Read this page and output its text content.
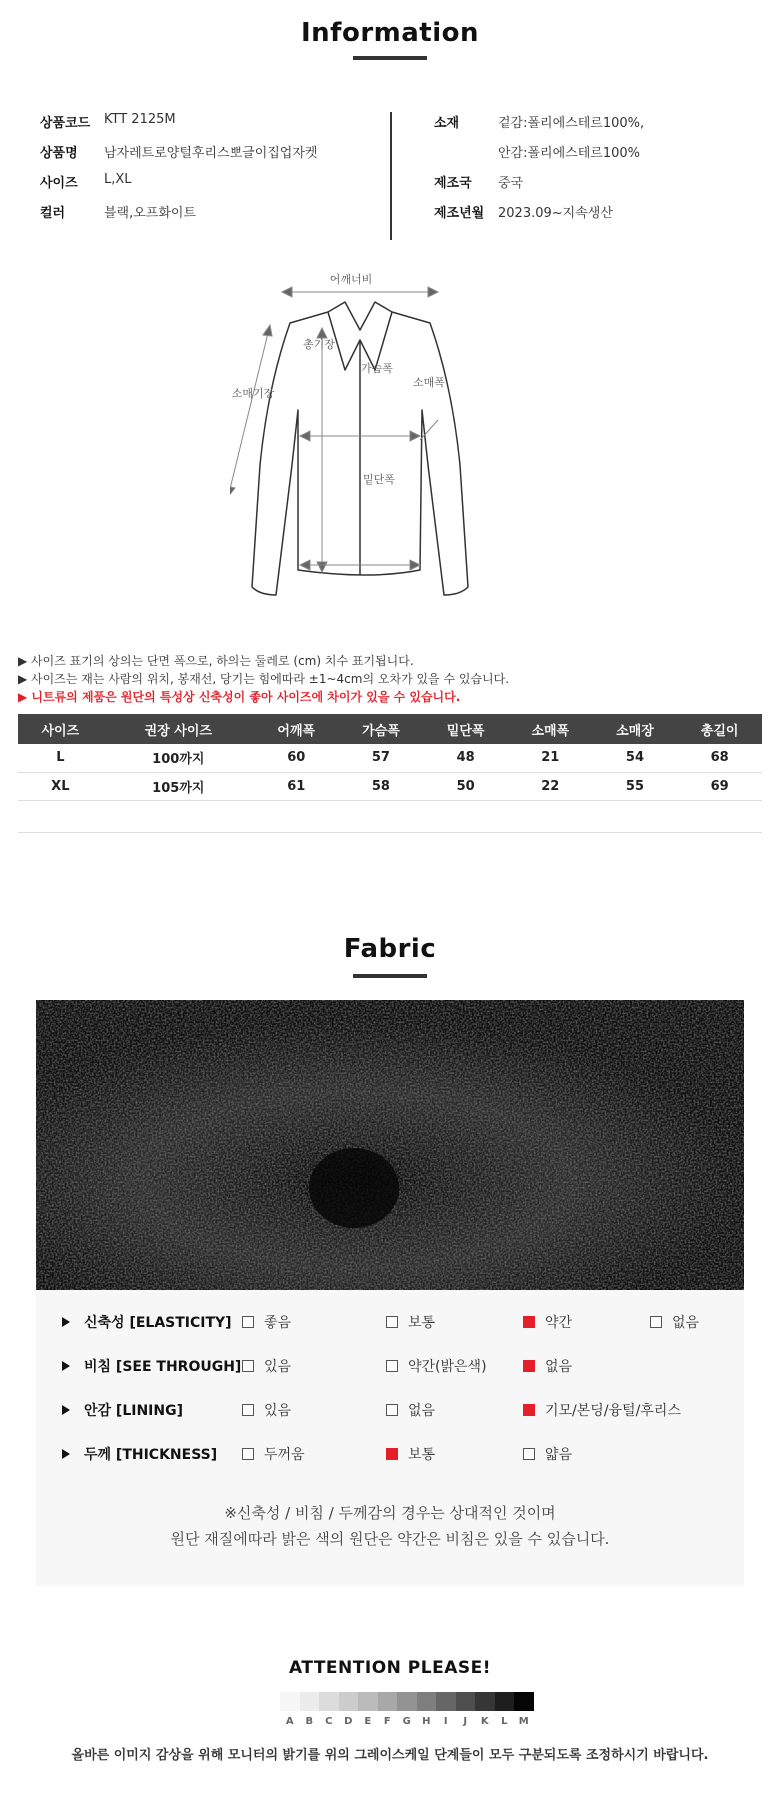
Information
상품코드	KTT 2125M
상품명	남자레트로양털후리스뽀글이집업자켓
사이즈	L,XL
컬러	블랙,오프화이트
소재	겉감:폴리에스테르100%,
안감:폴리에스테르100%
제조국	중국
제조년월	2023.09~지속생산
어깨너비
총기장
가슴폭
소매기장
소매폭
밑단폭
▶ 사이즈 표기의 상의는 단면 폭으로, 하의는 둘레로 (cm) 치수 표기됩니다.
▶ 사이즈는 재는 사람의 위치, 봉재선, 당기는 힘에따라 ±1~4cm의 오차가 있을 수 있습니다.
▶ 니트류의 제품은 원단의 특성상 신축성이 좋아 사이즈에 차이가 있을 수 있습니다.
사이즈	권장 사이즈	어깨폭	가슴폭	밑단폭	소매폭	소매장	총길이
L	100까지	60	57	48	21	54	68
XL	105까지	61	58	50	22	55	69
Fabric
신축성 [ELASTICITY] 좋음	보통	약간	없음
비침 [SEE THROUGH] 있음	약간(밝은색)	없음
안감 [LINING]	있음	없음	기모/본딩/융털/후리스
두께 [THICKNESS]	두꺼움	보통	얇음
※신축성 / 비침 / 두께감의 경우는 상대적인 것이며
원단 재질에따라 밝은 색의 원단은 약간은 비침은 있을 수 있습니다.
ATTENTION PLEASE!
A	B	C	D	E	F	G	H	I	J	K	L	M
올바른 이미지 감상을 위해 모니터의 밝기를 위의 그레이스케일 단계들이 모두 구분되도록 조정하시기 바랍니다.
